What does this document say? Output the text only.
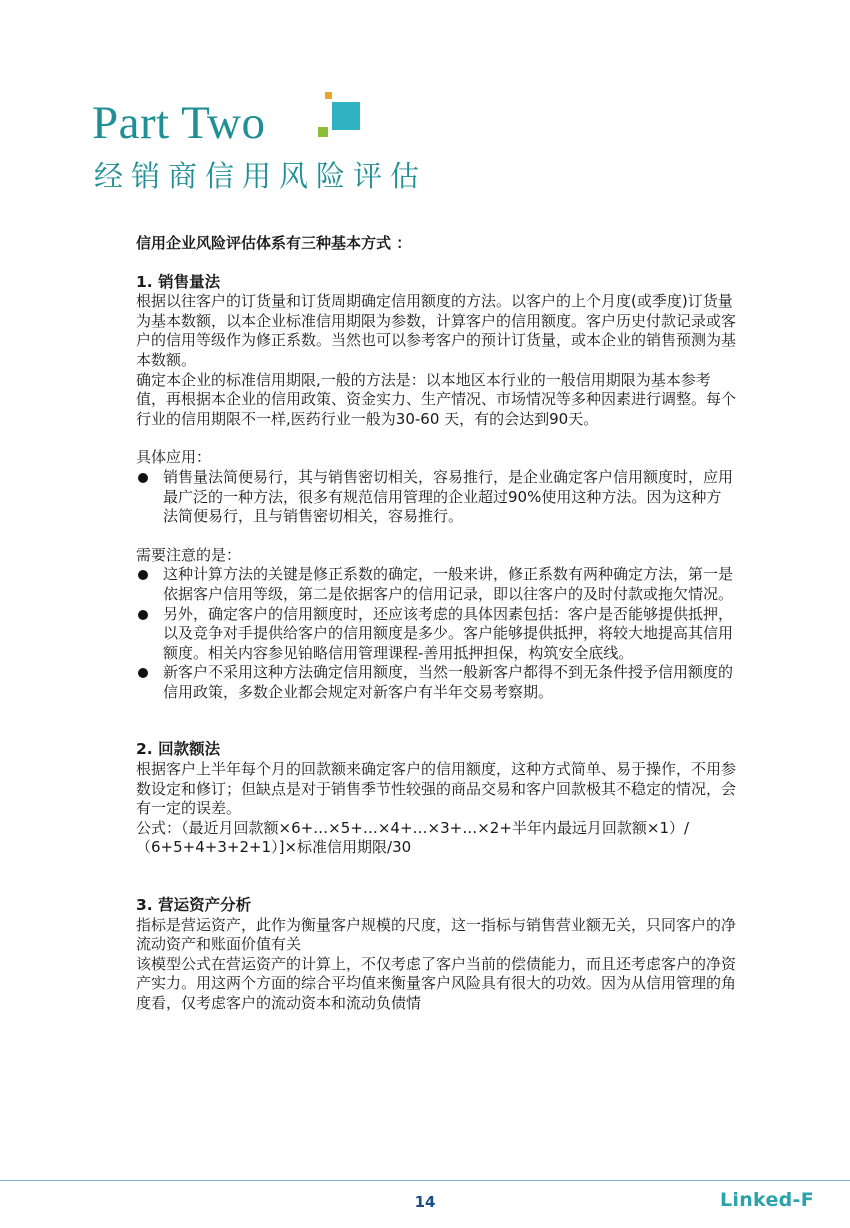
Part Two
经销商信用风险评估
信用企业风险评估体系有三种基本方式 ：
1. 销售量法
根据以往客户的订货量和订货周期确定信用额度的方法。以客户的上个月度(或季度)订货量为基本数额，以本企业标准信用期限为参数，计算客户的信用额度。客户历史付款记录或客户的信用等级作为修正系数。当然也可以参考客户的预计订货量，或本企业的销售预测为基本数额。
确定本企业的标准信用期限,一般的方法是：以本地区本行业的一般信用期限为基本参考值，再根据本企业的信用政策、资金实力、生产情况、市场情况等多种因素进行调整。每个行业的信用期限不一样,医药行业一般为30-60 天，有的会达到90天。
具体应用：
销售量法简便易行，其与销售密切相关，容易推行，是企业确定客户信用额度时，应用最广泛的一种方法，很多有规范信用管理的企业超过90%使用这种方法。因为这种方法简便易行，且与销售密切相关，容易推行。
需要注意的是：
这种计算方法的关键是修正系数的确定，一般来讲，修正系数有两种确定方法，第一是依据客户信用等级，第二是依据客户的信用记录，即以往客户的及时付款或拖欠情况。
另外，确定客户的信用额度时，还应该考虑的具体因素包括：客户是否能够提供抵押，以及竞争对手提供给客户的信用额度是多少。客户能够提供抵押，将较大地提高其信用额度。相关内容参见铂略信用管理课程-善用抵押担保，构筑安全底线。
新客户不采用这种方法确定信用额度，当然一般新客户都得不到无条件授予信用额度的信用政策，多数企业都会规定对新客户有半年交易考察期。
2. 回款额法
根据客户上半年每个月的回款额来确定客户的信用额度，这种方式简单、易于操作，不用参数设定和修订；但缺点是对于销售季节性较强的商品交易和客户回款极其不稳定的情况，会有一定的误差。
公式：（最近月回款额×6+…×5+…×4+…×3+…×2+半年内最远月回款额×1）/（6+5+4+3+2+1）]×标准信用期限/30
3. 营运资产分析
指标是营运资产，此作为衡量客户规模的尺度，这一指标与销售营业额无关，只同客户的净流动资产和账面价值有关
该模型公式在营运资产的计算上，不仅考虑了客户当前的偿债能力，而且还考虑客户的净资产实力。用这两个方面的综合平均值来衡量客户风险具有很大的功效。因为从信用管理的角度看，仅考虑客户的流动资本和流动负债情
14	Linked-F
